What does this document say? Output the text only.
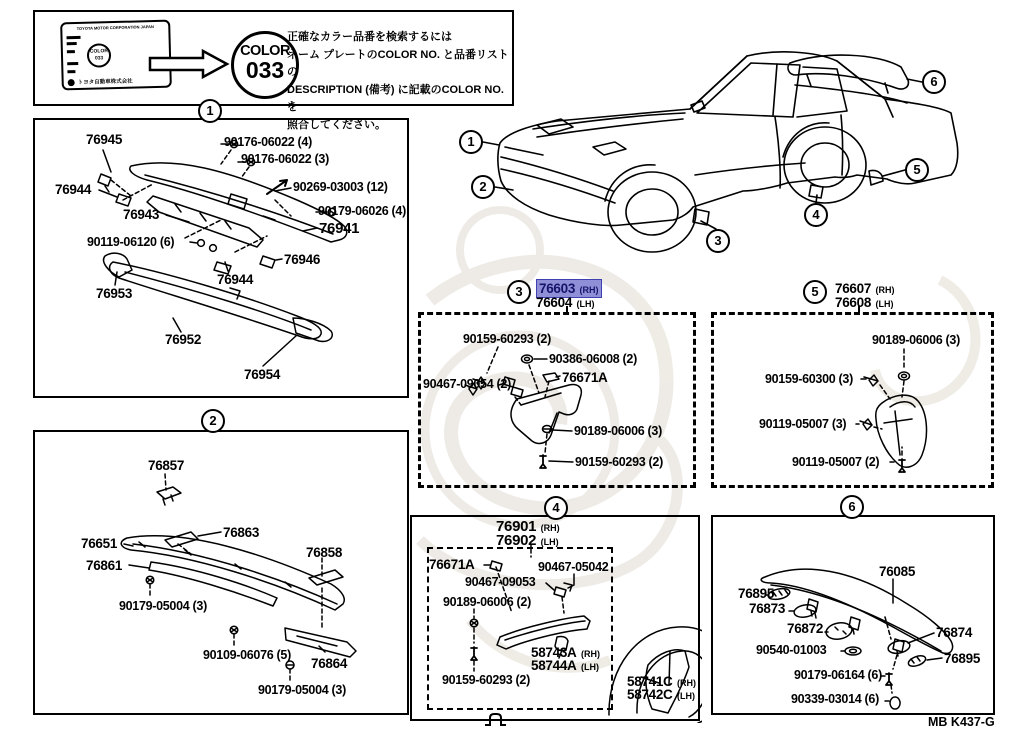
TOYOTA MOTOR CORPORATION JAPAN
COLOR 033
トヨタ自動車株式会社
COLOR
033
正確なカラー品番を検索するには
ネーム プレートのCOLOR NO. と品番リストの
DESCRIPTION (備考) に記載のCOLOR NO. を
照合してください。
1
2
3
4
5
6
76945	90176-06022 (4)
90176-06022 (3)
76944	90269-03003 (12)
76943	90179-06026 (4)
76941
90119-06120 (6)
76946
76944
76953
76952
76954
1
76857
76651
76863
76861
76858
90179-05004 (3)
90109-06076 (5)
76864
90179-05004 (3)
2
3	76603 (RH)
76604 (LH)
90159-60293 (2)
90386-06008 (2)
76671A
90467-09054 (2)
90189-06006 (3)
90159-60293 (2)
5	76607 (RH)
76608 (LH)
90189-06006 (3)
90159-60300 (3)
90119-05007 (3)
90119-05007 (2)
4
76901 (RH)
76902 (LH)
76671A	90467-05042
90467-09053
90189-06006 (2)
58743A (RH)
58744A (LH)
90159-60293 (2)	58741C (RH)
58742C (LH)
6
76085
76895
76873
76872
90540-01003
76874
76895
90179-06164 (6)
90339-03014 (6)
MB K437-G
